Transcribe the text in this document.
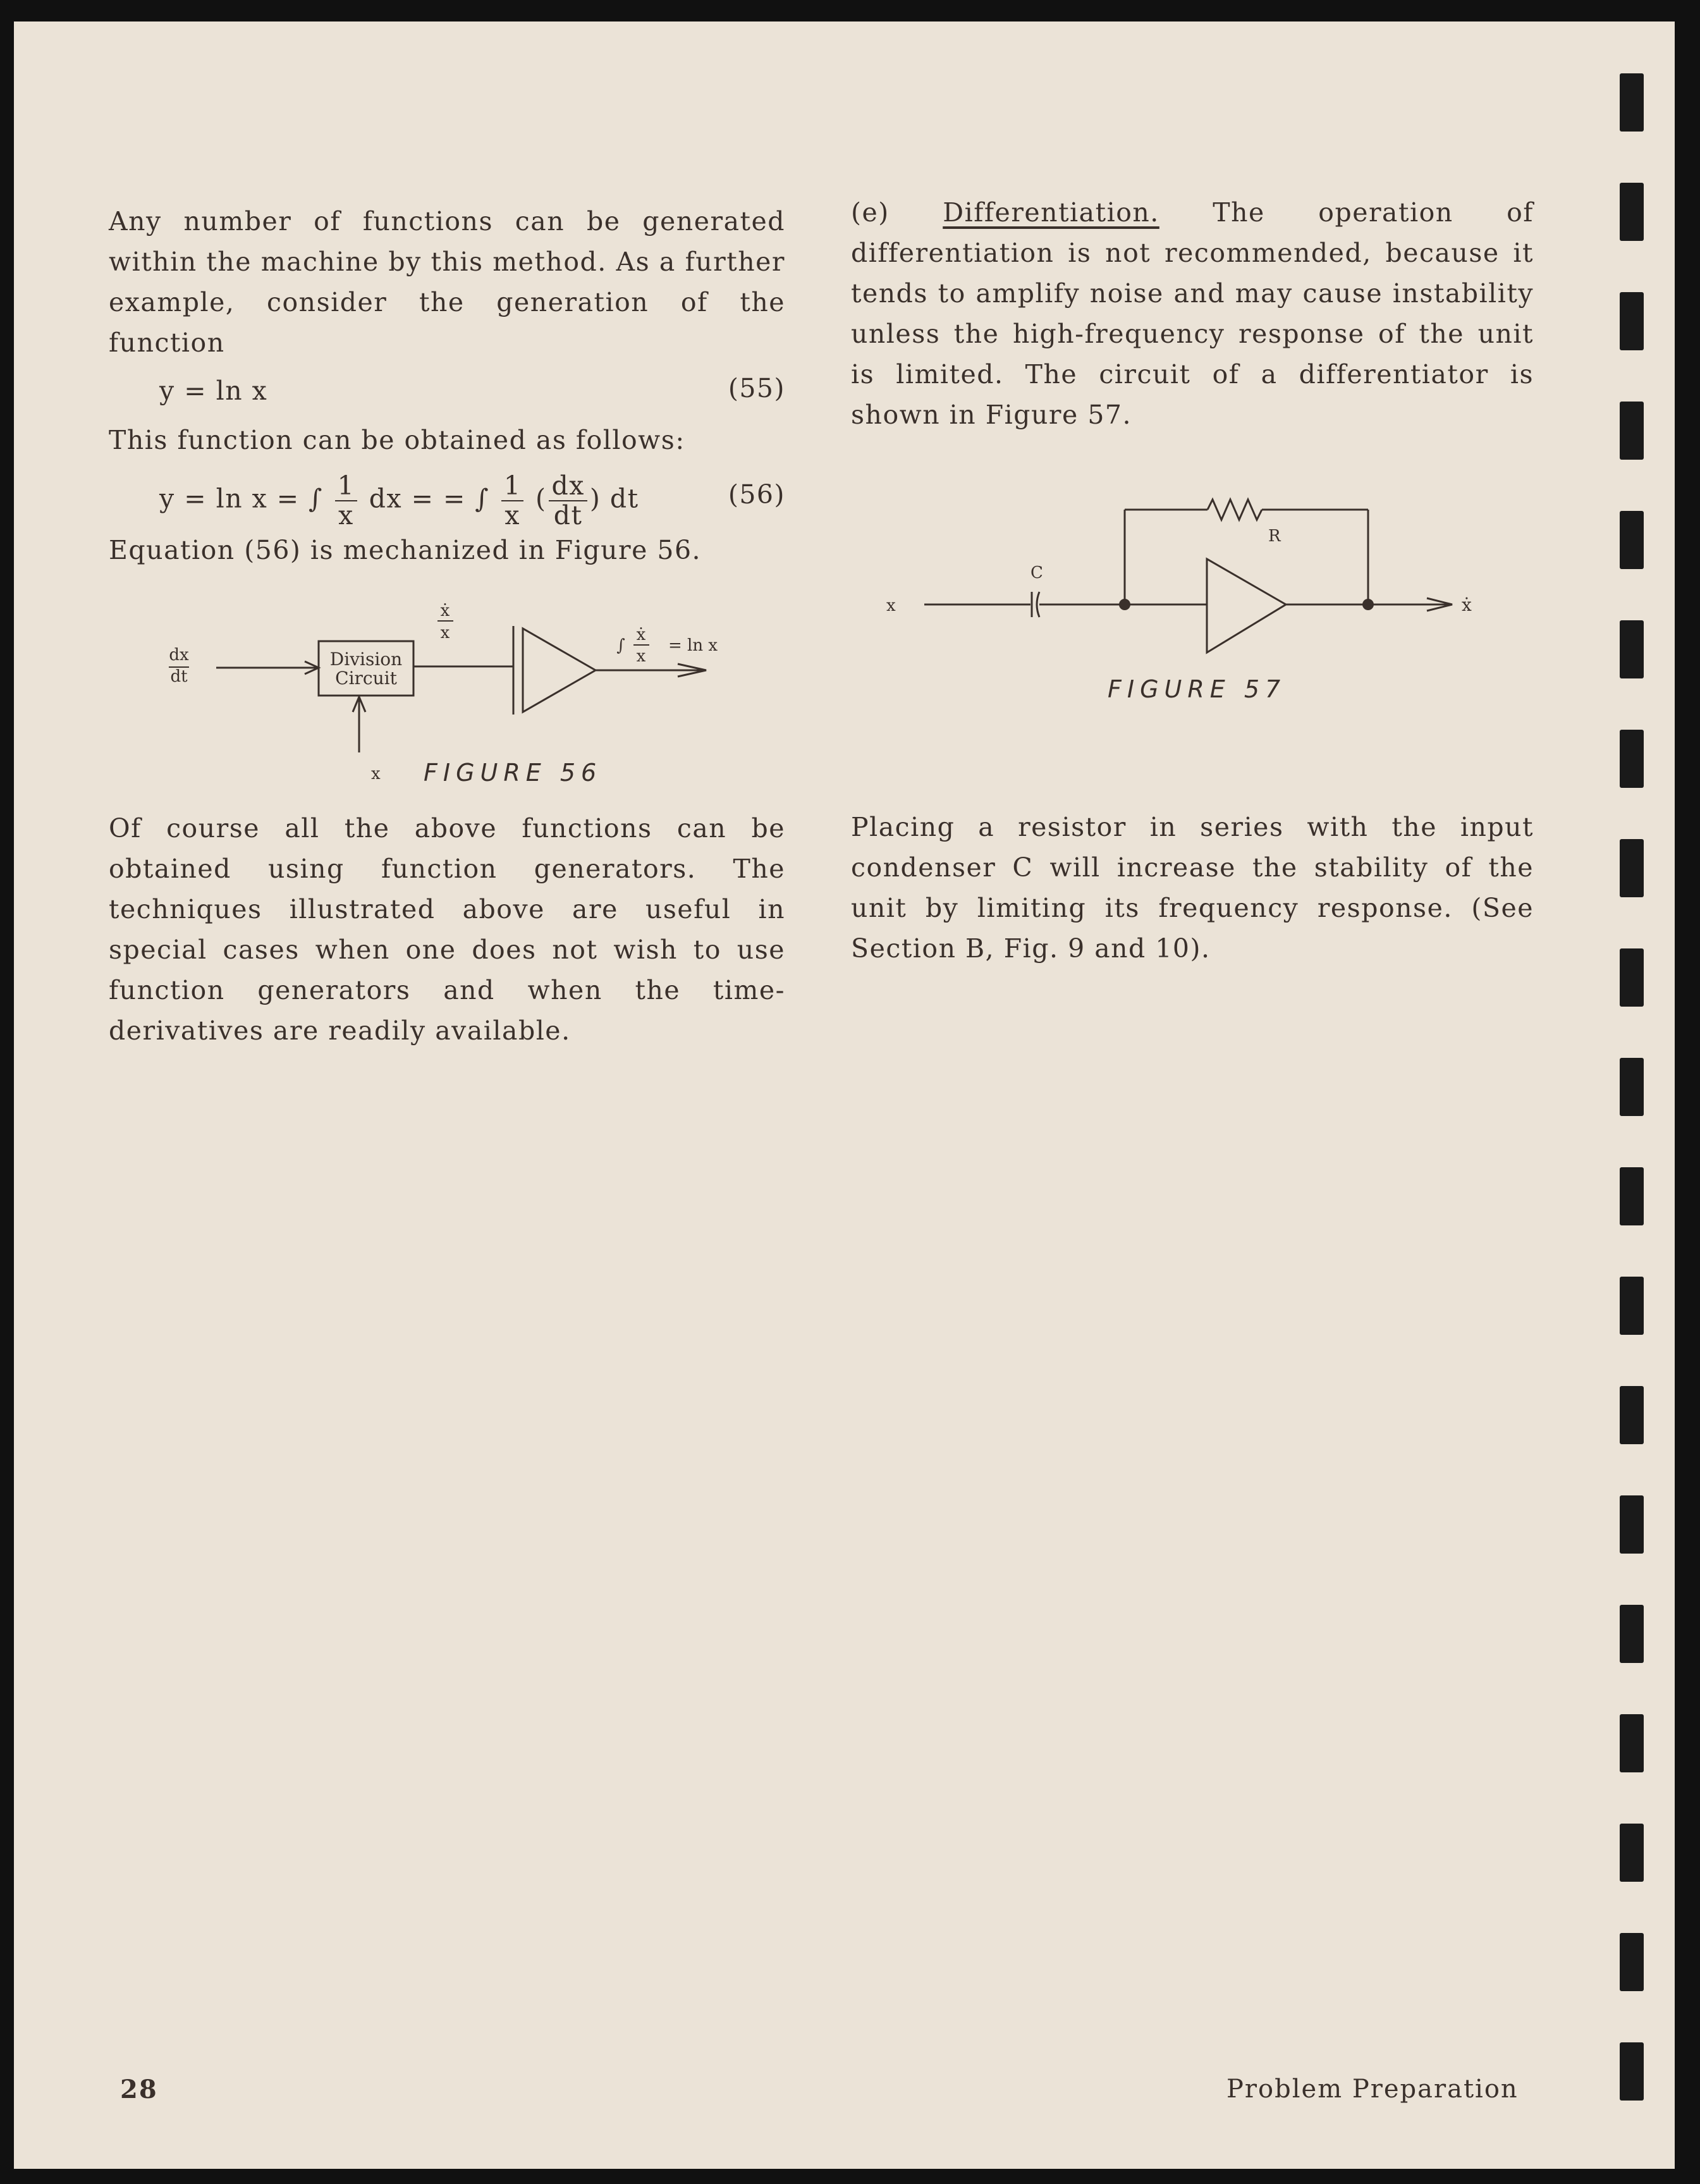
Any number of functions can be generated within the machine by this method. As a further example, consider the generation of the function

y = ln x	(55)

This function can be obtained as follows:

y = ln x = ∫ $\frac{1}{x}$ dx = = ∫ $\frac{1}{x}$ ( $\frac{dx}{dt}$ ) dt	(56)

Equation (56) is mechanized in Figure 56.

dx
dt
Division
Circuit
ẋ
x
∫
ẋ
x
= ln x
x FIGURE 56

Of course all the above functions can be obtained using function generators. The techniques illustrated above are useful in special cases when one does not wish to use function generators and when the time-derivatives are readily available.

(e) Differentiation. The operation of differentiation is not recommended, because it tends to amplify noise and may cause instability unless the high-frequency response of the unit is limited. The circuit of a differentiator is shown in Figure 57.

x
C
R
ẋ
FIGURE 57

Placing a resistor in series with the input condenser C will increase the stability of the unit by limiting its frequency response. (See Section B, Fig. 9 and 10).

28	Problem Preparation
